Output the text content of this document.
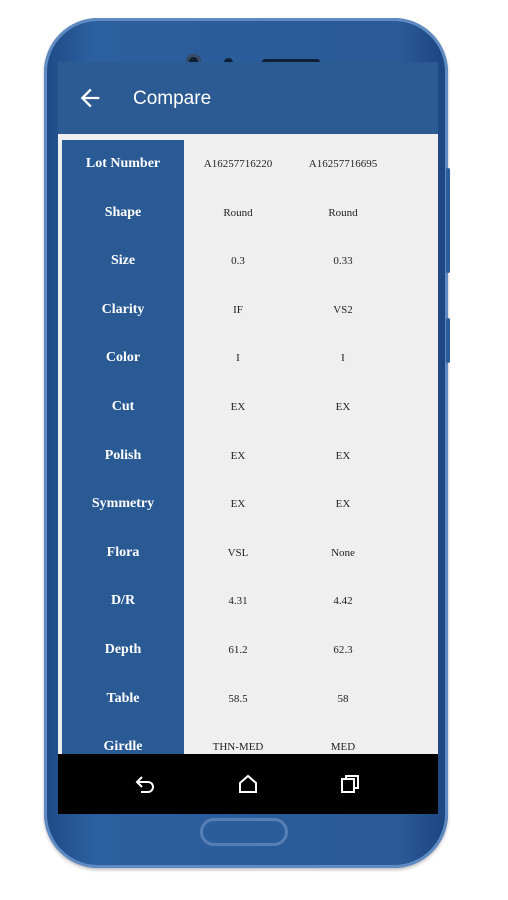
Compare
Lot Number	A16257716220	A16257716695
Shape	Round	Round
Size	0.3	0.33
Clarity	IF	VS2
Color	I	I
Cut	EX	EX
Polish	EX	EX
Symmetry	EX	EX
Flora	VSL	None
D/R	4.31	4.42
Depth	61.2	62.3
Table	58.5	58
Girdle	THN-MED	MED
